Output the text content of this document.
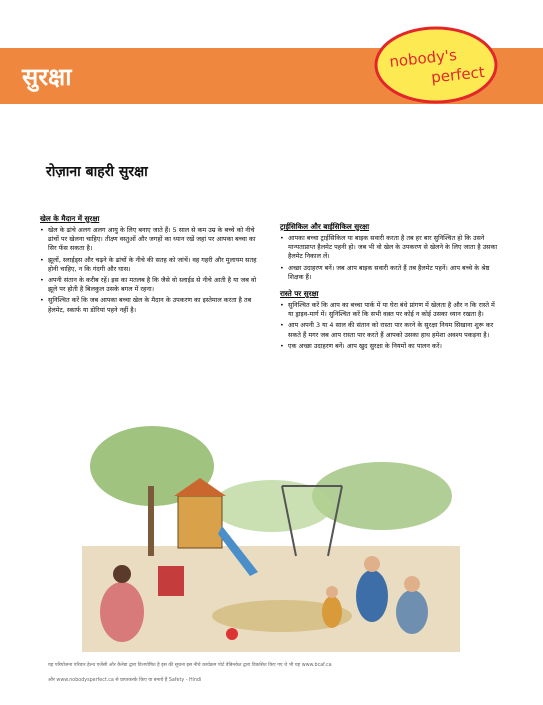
सुरक्षा
nobody's
perfect
रोज़ाना बाहरी सुरक्षा
खेल के मैदान में सुरक्षा
• खेल के ढांचे अलग अलग आयु के लिए बनाए जाते हैं। 5 साल से कम उम्र के बच्चे को नीचे ढांचों पर खेलना चाहिए। तीक्ष्ण वस्तुओं और जगहों का ध्यान रखें जहां पर आपका बच्चा का सिर फँस सकता है।
• झूलों, स्लाईड्स और चढ़ने के ढांचों के नीचे की सतह को जांचें। वह गहरी और मुलायम सतह होनी चाहिए, न कि गंदगी और घास।
• अपनी संतान के करीब रहें। इस का मतलब है कि जैसे वो स्लाईड से नीचे आती है या जब वो झूले पर होती है बिलकुल उसके बगल में रहना।
• सुनिश्चित करें कि जब आपका बच्चा खेल के मैदान के उपकरण का इस्तेमाल करता है तब हेलमेट, स्कार्फ या डोरियां पहने नहीं है।
ट्राईसिकिल और बाईसिकिल सुरक्षा
• आपका बच्चा ट्राईसिकिल या बाइक सवारी करता है तब हर बार सुनिश्चित हो कि उसने मान्यताप्राप्त हैलमेट पहनी हो। जब भी वो खेल के उपकरण से खेलने के लिए जाता है उसका हैलमेट निकाल लें।
• अच्छा उदाहरण बनें। जब आप बाइक सवारी करते हैं तब हैलमेट पहनें। आप बच्चे के श्रेष्ठ शिक्षक हैं।
रास्ते पर सुरक्षा
• सुनिश्चित करें कि आप का बच्चा पार्क में या घेरा बंधे प्रांगण में खेलता है और न कि रास्ते में या ड्राइव-मार्ग में। सुनिश्चित करें कि सभी वक़्त पर कोई न कोई उसका ध्यान रखता है।
• आप अपनी 3 या 4 साल की संतान को रास्ता पार करने के सुरक्षा नियम सिखाना शुरू कर सकते हैं मगर जब आप रास्ता पार करते हैं आपको उसका हाथ हमेशा अवश्य पकड़ना है।
• एक अच्छा उदाहरण बनें। आप खुद सुरक्षा के नियमों का पालन करें।
यह परियोजना परिवार हेल्थ एजेंसी और कैनेडा द्वारा वित्तपोषित है इस की सूचना इस नीचे कार्यक्रम पोर्ट वेबिनकेत द्वारा विकसित किए गए थे भी यह www.bcaf.ca
और www.nobodysperfect.ca से प्राप्तकरके किए या बनाये हैं Safety - Hindi
